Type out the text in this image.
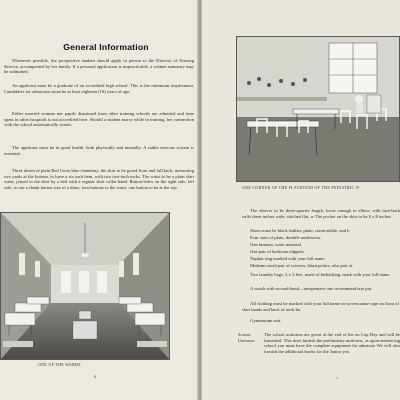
General Information

Whenever possible, the prospective student should apply in person to the Director of Nursing Service, accompanied by her family. If a personal application is impracticable, a written summary may be submitted.

An applicant must be a graduate of an accredited high school. This is the minimum requirement. Candidates for admission must be at least eighteen (18) years of age.

Either married women nor pupils dismissed from other training schools are admitted and time spent in other hospitals is not accredited here. Should a student marry while in training, her connection with the school automatically ceases.

The applicant must be in good health, both physically and mentally. A stable nervous system is essential.

Three dozen of plain Red Cross blue chambray, the skirt to be gored front and full back, measuring two yards at the bottom, to have a six inch hem, with two two-inch tucks. The waist to be a plain shirt waist, joined to the skirt by a belt with a regular shirt collar band. Button-holes on the right side, left side, to use a shank button size of a dime, four buttons to the waist, one button to be at the top.

ONE OF THE WARDS
6
ONE CORNER OF THE PLAYROOM OF THE PEDIATRIC W

The sleeves to be three-quarter length, loose enough to elbow, with turn-back cuffs three inches wide, stitched flat, w The pocket on the skirt to be 8 x 8 inches.

Shoes must be black leather, plain, comfortable, and h

Four suits of plain, durable underwear.

One kimono, wash material.

One pair of bedroom slippers.

Napkin ring marked with your full name.

Medium-sized pair of scissors, blunt points; also pair of

Two laundry bags, 2 x 3 feet, made of bedticking, mark with your full name.

A watch with second-hand—inexpensive one recommend tain pin.

All clothing must be marked with your full name in woven name tape on front of skirt bands and back of neck ba

Gymnasium suit.

School
Uniforms

The school uniforms are given at the end of the on Cap Day and will be furnished. This does furnish the preliminary uniforms, as upon enterin ing school you must have the complete equipment for admissio We will also furnish the additional books for the Junior yea

7
